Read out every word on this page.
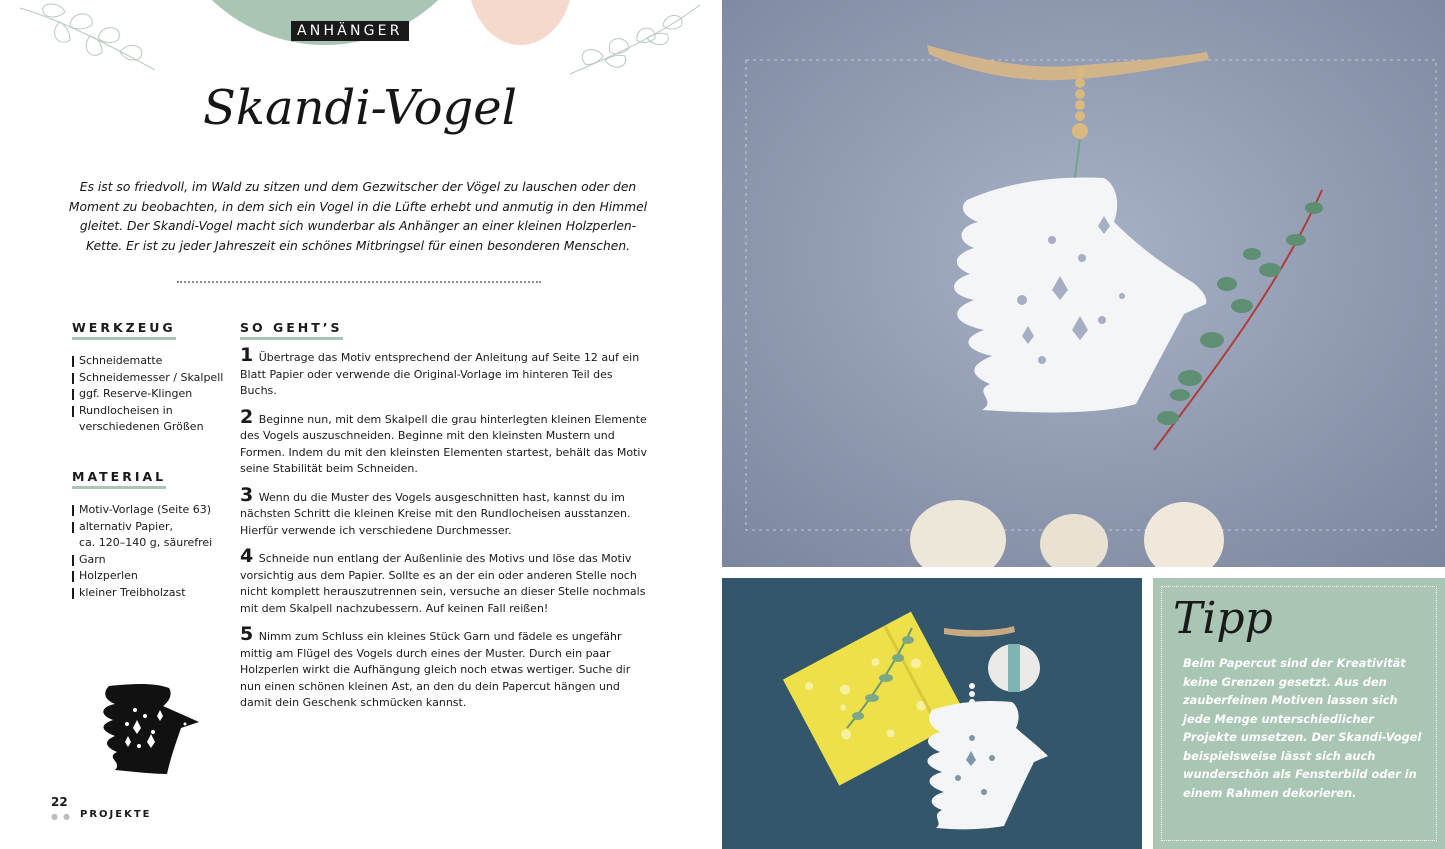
ANHÄNGER
Skandi-Vogel

Es ist so friedvoll, im Wald zu sitzen und dem Gezwitscher der Vögel zu lauschen oder den Moment zu beobachten, in dem sich ein Vogel in die Lüfte erhebt und anmutig in den Himmel gleitet. Der Skandi-Vogel macht sich wunderbar als Anhänger an einer kleinen Holzperlen-Kette. Er ist zu jeder Jahreszeit ein schönes Mitbringsel für einen besonderen Menschen.

WERKZEUG
Schneidematte
Schneidemesser / Skalpell
ggf. Reserve-Klingen
Rundlocheisen in
verschiedenen Größen
MATERIAL
Motiv-Vorlage (Seite 63)
alternativ Papier,
ca. 120–140 g, säurefrei
Garn
Holzperlen
kleiner Treibholzast
SO GEHT’S

1 Übertrage das Motiv entsprechend der Anleitung auf Seite 12 auf ein Blatt Papier oder verwende die Original-Vorlage im hinteren Teil des Buchs.

2 Beginne nun, mit dem Skalpell die grau hinterlegten kleinen Elemente des Vogels auszuschneiden. Beginne mit den kleinsten Mustern und Formen. Indem du mit den kleinsten Elementen startest, behält das Motiv seine Stabilität beim Schneiden.

3 Wenn du die Muster des Vogels ausgeschnitten hast, kannst du im nächsten Schritt die kleinen Kreise mit den Rundlocheisen ausstanzen. Hierfür verwende ich verschiedene Durchmesser.

4 Schneide nun entlang der Außenlinie des Motivs und löse das Motiv vorsichtig aus dem Papier. Sollte es an der ein oder anderen Stelle noch nicht komplett herauszutrennen sein, versuche an dieser Stelle nochmals mit dem Skalpell nachzubessern. Auf keinen Fall reißen!

5 Nimm zum Schluss ein kleines Stück Garn und fädele es ungefähr mittig am Flügel des Vogels durch eines der Muster. Durch ein paar Holzperlen wirkt die Aufhängung gleich noch etwas wertiger. Suche dir nun einen schönen kleinen Ast, an den du dein Papercut hängen und damit dein Geschenk schmücken kannst.

22
●● PROJEKTE
Tipp

Beim Papercut sind der Kreativität keine Grenzen gesetzt. Aus den zauberfeinen Motiven lassen sich jede Menge unterschiedlicher Projekte umsetzen. Der Skandi-Vogel beispielsweise lässt sich auch wunderschön als Fensterbild oder in einem Rahmen dekorieren.
